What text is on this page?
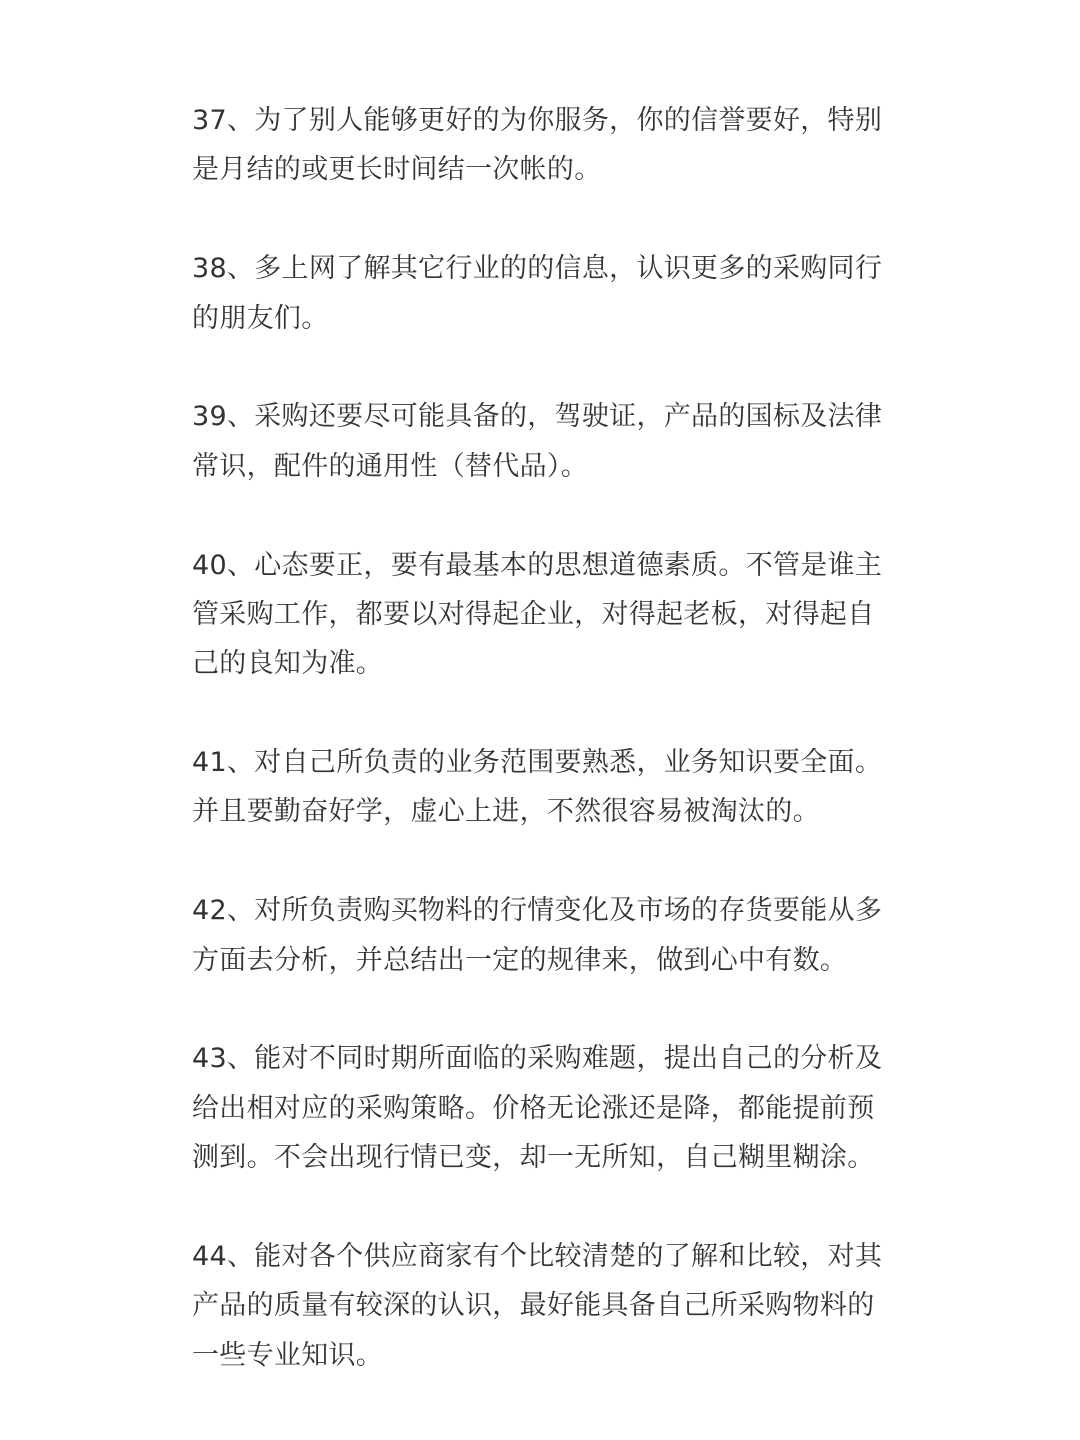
37、为了别人能够更好的为你服务，你的信誉要好，特别
是月结的或更长时间结一次帐的。
38、多上网了解其它行业的的信息，认识更多的采购同行
的朋友们。
39、采购还要尽可能具备的，驾驶证，产品的国标及法律
常识，配件的通用性（替代品）。
40、心态要正，要有最基本的思想道德素质。不管是谁主
管采购工作，都要以对得起企业，对得起老板，对得起自
己的良知为准。
41、对自己所负责的业务范围要熟悉，业务知识要全面。
并且要勤奋好学，虚心上进，不然很容易被淘汰的。
42、对所负责购买物料的行情变化及市场的存货要能从多
方面去分析，并总结出一定的规律来，做到心中有数。
43、能对不同时期所面临的采购难题，提出自己的分析及
给出相对应的采购策略。价格无论涨还是降，都能提前预
测到。不会出现行情已变，却一无所知，自己糊里糊涂。
44、能对各个供应商家有个比较清楚的了解和比较，对其
产品的质量有较深的认识，最好能具备自己所采购物料的
一些专业知识。
